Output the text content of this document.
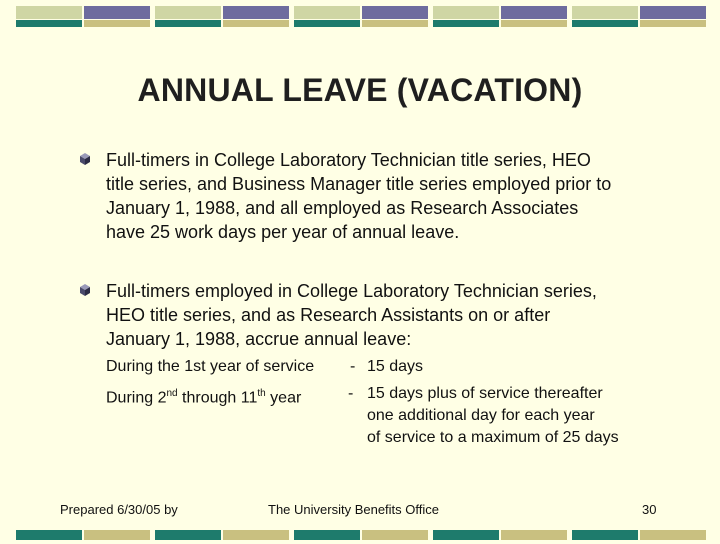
ANNUAL LEAVE (VACATION)
Full-timers in College Laboratory Technician title series, HEO
title series, and Business Manager title series employed prior to
January 1, 1988, and all employed as Research Associates
have 25 work days per year of annual leave.
Full-timers employed in College Laboratory Technician series,
HEO title series, and as Research Assistants on or after
January 1, 1988, accrue annual leave:
During the 1st year of service - 15 days
During 2nd through 11th year	- 15 days plus of service thereafter
one additional day for each year
of service to a maximum of 25 days
Prepared 6/30/05 by	The University Benefits Office	30
